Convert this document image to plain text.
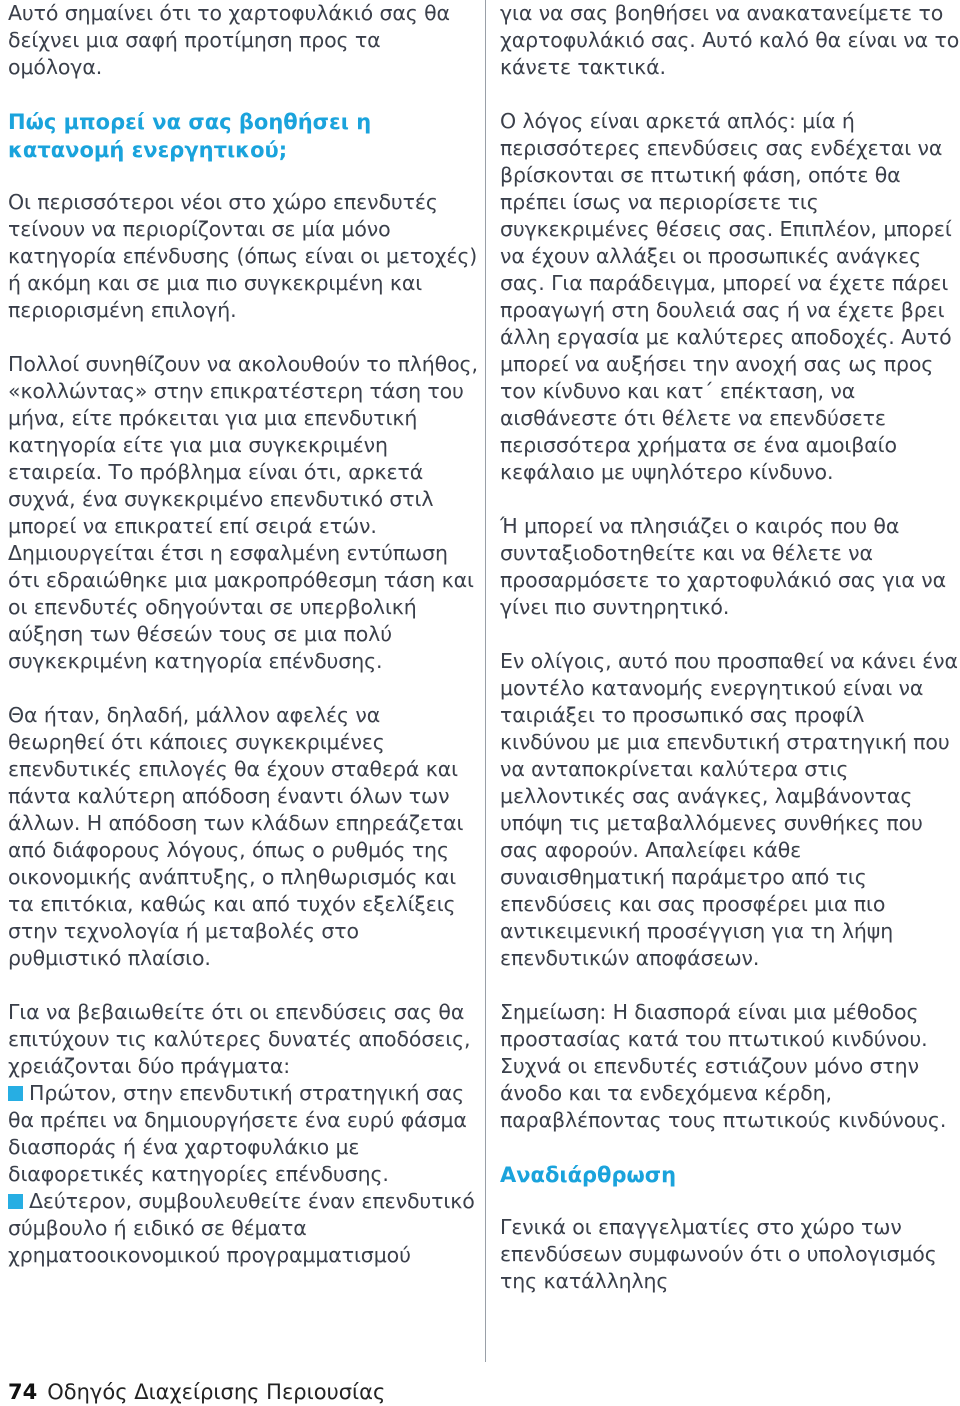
Αυτό σημαίνει ότι το χαρτοφυλάκιό σας θα δείχνει μια σαφή προτίμηση προς τα ομόλογα.

Πώς μπορεί να σας βοηθήσει η κατανομή ενεργητικού;

Οι περισσότεροι νέοι στο χώρο επενδυτές τείνουν να περιορίζονται σε μία μόνο κατηγορία επένδυσης (όπως είναι οι μετοχές) ή ακόμη και σε μια πιο συγκεκριμένη και περιορισμένη επιλογή.

Πολλοί συνηθίζουν να ακολουθούν το πλήθος, «κολλώντας» στην επικρατέστερη τάση του μήνα, είτε πρόκειται για μια επενδυτική κατηγορία είτε για μια συγκεκριμένη εταιρεία. Το πρόβλημα είναι ότι, αρκετά συχνά, ένα συγκεκριμένο επενδυτικό στιλ μπορεί να επικρατεί επί σειρά ετών. Δημιουργείται έτσι η εσφαλμένη εντύπωση ότι εδραιώθηκε μια μακροπρόθεσμη τάση και οι επενδυτές οδηγούνται σε υπερβολική αύξηση των θέσεών τους σε μια πολύ συγκεκριμένη κατηγορία επένδυσης.

Θα ήταν, δηλαδή, μάλλον αφελές να θεωρηθεί ότι κάποιες συγκεκριμένες επενδυτικές επιλογές θα έχουν σταθερά και πάντα καλύτερη απόδοση έναντι όλων των άλλων. Η απόδοση των κλάδων επηρεάζεται από διάφορους λόγους, όπως ο ρυθμός της οικονομικής ανάπτυξης, ο πληθωρισμός και τα επιτόκια, καθώς και από τυχόν εξελίξεις στην τεχνολογία ή μεταβολές στο ρυθμιστικό πλαίσιο.

Για να βεβαιωθείτε ότι οι επενδύσεις σας θα επιτύχουν τις καλύτερες δυνατές αποδόσεις, χρειάζονται δύο πράγματα:

Πρώτον, στην επενδυτική στρατηγική σας θα πρέπει να δημιουργήσετε ένα ευρύ φάσμα διασποράς ή ένα χαρτοφυλάκιο με διαφορετικές κατηγορίες επένδυσης.

Δεύτερον, συμβουλευθείτε έναν επενδυτικό σύμβουλο ή ειδικό σε θέματα χρηματοοικονομικού προγραμματισμού

για να σας βοηθήσει να ανακατανείμετε το χαρτοφυλάκιό σας. Αυτό καλό θα είναι να το κάνετε τακτικά.

Ο λόγος είναι αρκετά απλός: μία ή περισσότερες επενδύσεις σας ενδέχεται να βρίσκονται σε πτωτική φάση, οπότε θα πρέπει ίσως να περιορίσετε τις συγκεκριμένες θέσεις σας. Επιπλέον, μπορεί να έχουν αλλάξει οι προσωπικές ανάγκες σας. Για παράδειγμα, μπορεί να έχετε πάρει προαγωγή στη δουλειά σας ή να έχετε βρει άλλη εργασία με καλύτερες αποδοχές. Αυτό μπορεί να αυξήσει την ανοχή σας ως προς τον κίνδυνο και κατ΄ επέκταση, να αισθάνεστε ότι θέλετε να επενδύσετε περισσότερα χρήματα σε ένα αμοιβαίο κεφάλαιο με υψηλότερο κίνδυνο.

Ή μπορεί να πλησιάζει ο καιρός που θα συνταξιοδοτηθείτε και να θέλετε να προσαρμόσετε το χαρτοφυλάκιό σας για να γίνει πιο συντηρητικό.

Εν ολίγοις, αυτό που προσπαθεί να κάνει ένα μοντέλο κατανομής ενεργητικού είναι να ταιριάξει το προσωπικό σας προφίλ κινδύνου με μια επενδυτική στρατηγική που να ανταποκρίνεται καλύτερα στις μελλοντικές σας ανάγκες, λαμβάνοντας υπόψη τις μεταβαλλόμενες συνθήκες που σας αφορούν. Απαλείφει κάθε συναισθηματική παράμετρο από τις επενδύσεις και σας προσφέρει μια πιο αντικειμενική προσέγγιση για τη λήψη επενδυτικών αποφάσεων.

Σημείωση: Η διασπορά είναι μια μέθοδος προστασίας κατά του πτωτικού κινδύνου. Συχνά οι επενδυτές εστιάζουν μόνο στην άνοδο και τα ενδεχόμενα κέρδη, παραβλέποντας τους πτωτικούς κινδύνους.

Αναδιάρθρωση

Γενικά οι επαγγελματίες στο χώρο των επενδύσεων συμφωνούν ότι ο υπολογισμός της κατάλληλης

74 Οδηγός Διαχείρισης Περιουσίας
